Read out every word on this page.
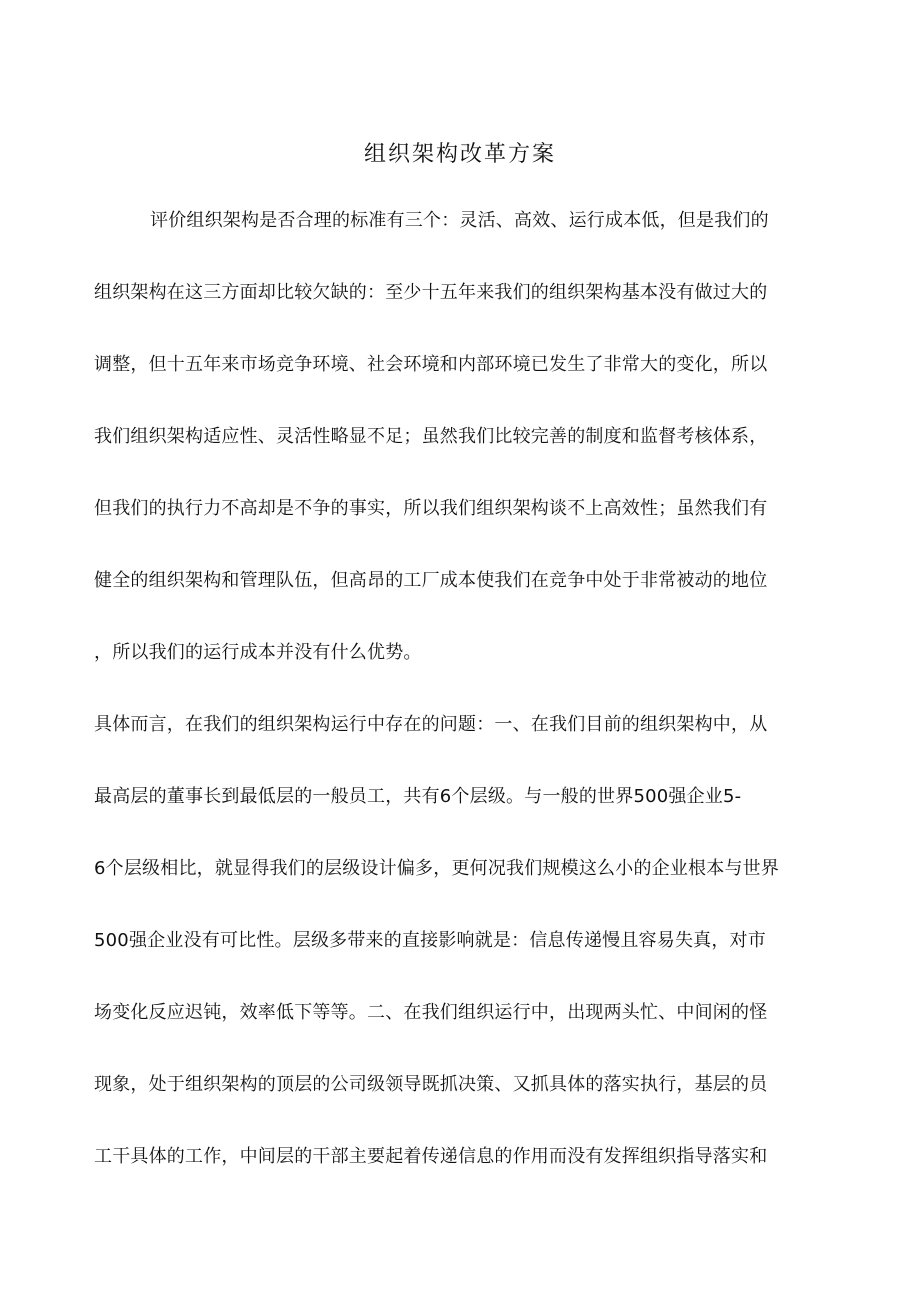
组织架构改革方案
评价组织架构是否合理的标准有三个：灵活、高效、运行成本低，但是我们的
组织架构在这三方面却比较欠缺的：至少十五年来我们的组织架构基本没有做过大的
调整，但十五年来市场竞争环境、社会环境和内部环境已发生了非常大的变化，所以
我们组织架构适应性、灵活性略显不足；虽然我们比较完善的制度和监督考核体系，
但我们的执行力不高却是不争的事实，所以我们组织架构谈不上高效性；虽然我们有
健全的组织架构和管理队伍，但高昂的工厂成本使我们在竞争中处于非常被动的地位
，所以我们的运行成本并没有什么优势。
具体而言，在我们的组织架构运行中存在的问题：一、在我们目前的组织架构中，从
最高层的董事长到最低层的一般员工，共有6个层级。与一般的世界500强企业5-
6个层级相比，就显得我们的层级设计偏多，更何况我们规模这么小的企业根本与世界
500强企业没有可比性。层级多带来的直接影响就是：信息传递慢且容易失真，对市
场变化反应迟钝，效率低下等等。二、在我们组织运行中，出现两头忙、中间闲的怪
现象，处于组织架构的顶层的公司级领导既抓决策、又抓具体的落实执行，基层的员
工干具体的工作，中间层的干部主要起着传递信息的作用而没有发挥组织指导落实和
